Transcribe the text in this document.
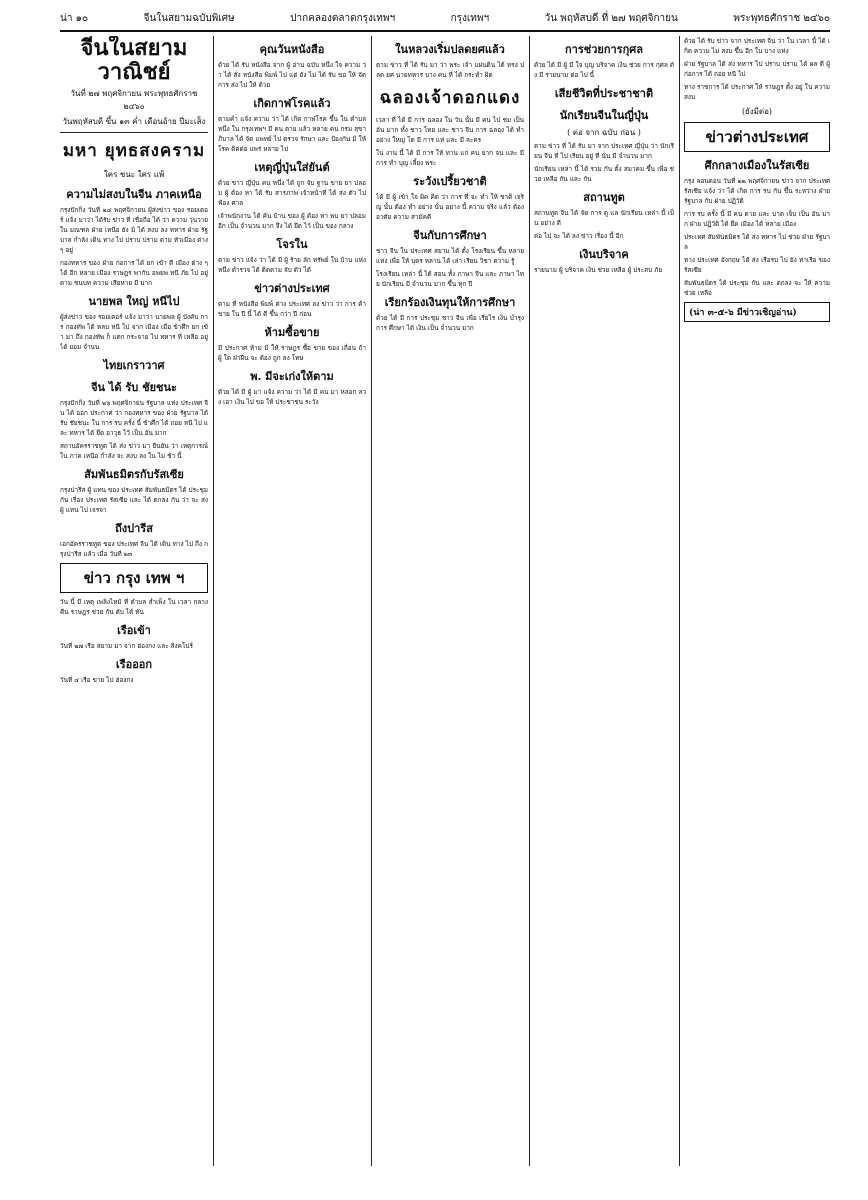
น่า ๑๐	จีนในสยามฉบับพิเศษ	ปากคลองตลาดกรุงเทพฯ	กรุงเทพฯ	วัน พฤหัสบดี ที่ ๒๗ พฤศจิกายน	พระพุทธศักราช ๒๔๖๐
จีนในสยามวาณิชย์
วันที่ ๒๗ พฤศจิกายน พระพุทธศักราช ๒๔๖๐
วันพฤหัสบดี ขึ้น ๑๓ ค่ำ เดือนอ้าย ปีมะเส็ง
มหา ยุทธสงคราม
ใคร ชนะ ใคร แพ้
ความไม่สงบในจีน ภาคเหนือ

กรุงปักกิ่ง วันที่ ๒๔ พฤศจิกายน ผู้ส่งข่าว ของ รอยเตอร์ แจ้ง มาว่า ได้รับ ข่าว ที่ เชื่อถือ ได้ ว่า ความ วุ่นวาย ใน มณฑล ฝ่าย เหนือ ยัง มิ ได้ สงบ ลง ทหาร ฝ่าย รัฐบาล กำลัง เดิน ทาง ไป ปราบ ปราม ตาม หัวเมือง ต่าง ๆ อยู่

กองทหาร ของ ฝ่าย ก่อการ ได้ ยก เข้า ตี เมือง ต่าง ๆ ได้ อีก หลาย เมือง ราษฎร พากัน อพยพ หนี ภัย ไป อยู่ ตาม ชนบท ความ เสียหาย มี มาก

นายพล ใหญ่ หนีไป

ผู้ส่งข่าว ของ รอยเตอร์ แจ้ง มาว่า นายพล ผู้ บังคับ การ กองทัพ ได้ หลบ หนี ไป จาก เมือง เมื่อ ข้าศึก ยก เข้า มา ถึง กองทัพ ก็ แตก กระจาย ไป ทหาร ที่ เหลือ อยู่ ได้ ยอม จำนน

ไทยเกราวาศ
จีน ได้ รับ ชัยชนะ

กรุงปักกิ่ง วันที่ ๒๖ พฤศจิกายน รัฐบาล แห่ง ประเทศ จีน ได้ ออก ประกาศ ว่า กองทหาร ของ ฝ่าย รัฐบาล ได้ รับ ชัยชนะ ใน การ รบ ครั้ง นี้ ข้าศึก ได้ ถอย หนี ไป และ ทหาร ได้ ยึด อาวุธ ไว้ เป็น อัน มาก

สถานอัครราชทูต ได้ ส่ง ข่าว มา ยืนยัน ว่า เหตุการณ์ ใน ภาค เหนือ กำลัง จะ สงบ ลง ใน ไม่ ช้า นี้

สัมพันธมิตรกับรัสเซีย

กรุงปารีส ผู้ แทน ของ ประเทศ สัมพันธมิตร ได้ ประชุม กัน เรื่อง ประเทศ รัสเซีย และ ได้ ตกลง กัน ว่า จะ ส่ง ผู้ แทน ไป เจรจา

ถึงปารีส

เอกอัครราชทูต ของ ประเทศ จีน ได้ เดิน ทาง ไป ถึง กรุงปารีส แล้ว เมื่อ วันที่ ๒๓

ข่าว กรุง เทพ ฯ

วัน นี้ มี เหตุ เพลิงไหม้ ที่ ตำบล สำเพ็ง ใน เวลา กลางคืน ราษฎร ช่วย กัน ดับ ได้ ทัน

เรือเข้า

วันที่ ๒๗ เรือ สยาม มา จาก ฮ่องกง และ สิงคโปร์

เรือออก

วันที่ ๔ เรือ ขาย ไป ฮ่องกง

คุณวันหนังสือ

ด้วย ได้ รับ หนังสือ จาก ผู้ อ่าน ฉบับ หนึ่ง ใจ ความ ว่า ได้ สั่ง หนังสือ พิมพ์ ไป แต่ ยัง ไม่ ได้ รับ ขอ ให้ จัด การ ส่ง ไป ให้ ด้วย

เกิดกาฬโรคแล้ว

ตามคำ แจ้ง ความ ว่า ได้ เกิด กาฬโรค ขึ้น ใน ตำบล หนึ่ง ใน กรุงเทพฯ มี คน ตาย แล้ว หลาย คน กรม สุขาภิบาล ได้ จัด แพทย์ ไป ตรวจ รักษา และ ป้องกัน มิ ให้ โรค ติดต่อ แพร่ หลาย ไป

เหตุญี่ปุ่นใส่ยันต์

ด้วย ชาว ญี่ปุ่น คน หนึ่ง ได้ ถูก จับ ฐาน ขาย ยา ปลอม ผู้ ต้อง หา ได้ รับ สารภาพ เจ้าหน้าที่ ได้ ส่ง ตัว ไป ฟ้อง ศาล

เจ้าพนักงาน ได้ ค้น บ้าน ของ ผู้ ต้อง หา พบ ยา ปลอม อีก เป็น จำนวน มาก จึง ได้ ยึด ไว้ เป็น ของ กลาง

โจรใน

ตาม ข่าว แจ้ง ว่า ได้ มี ผู้ ร้าย ลัก ทรัพย์ ใน บ้าน แห่ง หนึ่ง ตำรวจ ได้ ติดตาม จับ ตัว ได้

ข่าวต่างประเทศ

ตาม ที่ หนังสือ พิมพ์ ต่าง ประเทศ ลง ข่าว ว่า การ ค้า ขาย ใน ปี นี้ ได้ ดี ขึ้น กว่า ปี ก่อน

ห้ามซื้อขาย

มี ประกาศ ห้าม มิ ให้ ราษฎร ซื้อ ขาย ของ เถื่อน ถ้า ผู้ ใด ฝ่าฝืน จะ ต้อง ถูก ลง โทษ

พ. มีจะเก่งให้ตาม

ด้วย ได้ มี ผู้ มา แจ้ง ความ ว่า ได้ มี คน มา หลอก ลวง เอา เงิน ไป ขอ ให้ ประชาชน ระวัง

ในหลวงเริ่มปลดยศแล้ว

ตาม ข่าว ที่ ได้ รับ มา ว่า พระ เจ้า แผ่นดิน ได้ ทรง ปลด ยศ นายทหาร บาง คน ที่ ได้ กระทำ ผิด

ฉลองเจ้าดอกแดง

เวลา ที่ ได้ มี การ ฉลอง ใน วัน นั้น มี คน ไป ชม เป็น อัน มาก ทั้ง ชาว ไทย และ ชาว จีน การ ฉลอง ได้ ทำ อย่าง ใหญ่ โต มี การ แห่ และ มี ละคร

ใน งาน นี้ ได้ มี การ ให้ ทาน แก่ คน ยาก จน และ มี การ ทำ บุญ เลี้ยง พระ

ระวังเปรี้ยวชาติ

ได้ มี ผู้ เข้า ใจ ผิด คิด ว่า การ ที่ จะ ทำ ให้ ชาติ เจริญ นั้น ต้อง ทำ อย่าง นั้น อย่าง นี้ ความ จริง แล้ว ต้อง อาศัย ความ สามัคคี

จีนกับการศึกษา

ชาว จีน ใน ประเทศ สยาม ได้ ตั้ง โรงเรียน ขึ้น หลาย แห่ง เพื่อ ให้ บุตร หลาน ได้ เล่า เรียน วิชา ความ รู้

โรงเรียน เหล่า นี้ ได้ สอน ทั้ง ภาษา จีน และ ภาษา ไทย นักเรียน มี จำนวน มาก ขึ้น ทุก ปี

เรียกร้องเงินทุนให้การศึกษา

ด้วย ได้ มี การ ประชุม ชาว จีน เพื่อ เรี่ยไร เงิน บำรุง การ ศึกษา ได้ เงิน เป็น จำนวน มาก

การช่วยการกุศล

ด้วย ได้ มี ผู้ มี ใจ บุญ บริจาค เงิน ช่วย การ กุศล ดัง มี รายนาม ต่อ ไป นี้

เสียชีวิตที่ประชาชาติ
นักเรียนจีนในญี่ปุ่น
( ต่อ จาก ฉบับ ก่อน )

ตาม ข่าว ที่ ได้ รับ มา จาก ประเทศ ญี่ปุ่น ว่า นักเรียน จีน ที่ ไป เรียน อยู่ ที่ นั่น มี จำนวน มาก

นักเรียน เหล่า นี้ ได้ รวม กัน ตั้ง สมาคม ขึ้น เพื่อ ช่วย เหลือ กัน และ กัน

สถานทูต

สถานทูต จีน ได้ จัด การ ดู แล นักเรียน เหล่า นี้ เป็น อย่าง ดี

ต่อ ไป จะ ได้ ลง ข่าว เรื่อง นี้ อีก

เงินบริจาค

รายนาม ผู้ บริจาค เงิน ช่วย เหลือ ผู้ ประสบ ภัย

ด้วย ได้ รับ ข่าว จาก ประเทศ จีน ว่า ใน เวลา นี้ ได้ เกิด ความ ไม่ สงบ ขึ้น อีก ใน บาง แห่ง

ฝ่าย รัฐบาล ได้ ส่ง ทหาร ไป ปราบ ปราม ได้ ผล ดี ผู้ ก่อการ ได้ ถอย หนี ไป

ทาง ราชการ ได้ ประกาศ ให้ ราษฎร ตั้ง อยู่ ใน ความ สงบ

(ยังมีต่อ)
ข่าวต่างประเทศ
ศึกกลางเมืองในรัสเซีย

กรุง ลอนดอน วันที่ ๒๒ พฤศจิกายน ข่าว จาก ประเทศ รัสเซีย แจ้ง ว่า ได้ เกิด การ รบ กัน ขึ้น ระหว่าง ฝ่าย รัฐบาล กับ ฝ่าย ปฏิวัติ

การ รบ ครั้ง นี้ มี คน ตาย และ บาด เจ็บ เป็น อัน มาก ฝ่าย ปฏิวัติ ได้ ยึด เมือง ได้ หลาย เมือง

ประเทศ สัมพันธมิตร ได้ ส่ง ทหาร ไป ช่วย ฝ่าย รัฐบาล

ทาง ประเทศ อังกฤษ ได้ ส่ง เรือรบ ไป ยัง ท่าเรือ ของ รัสเซีย

สัมพันธมิตร ได้ ประชุม กัน และ ตกลง จะ ให้ ความ ช่วย เหลือ

(น่า ๓-๕-๖ มีข่าวเชิญอ่าน)
